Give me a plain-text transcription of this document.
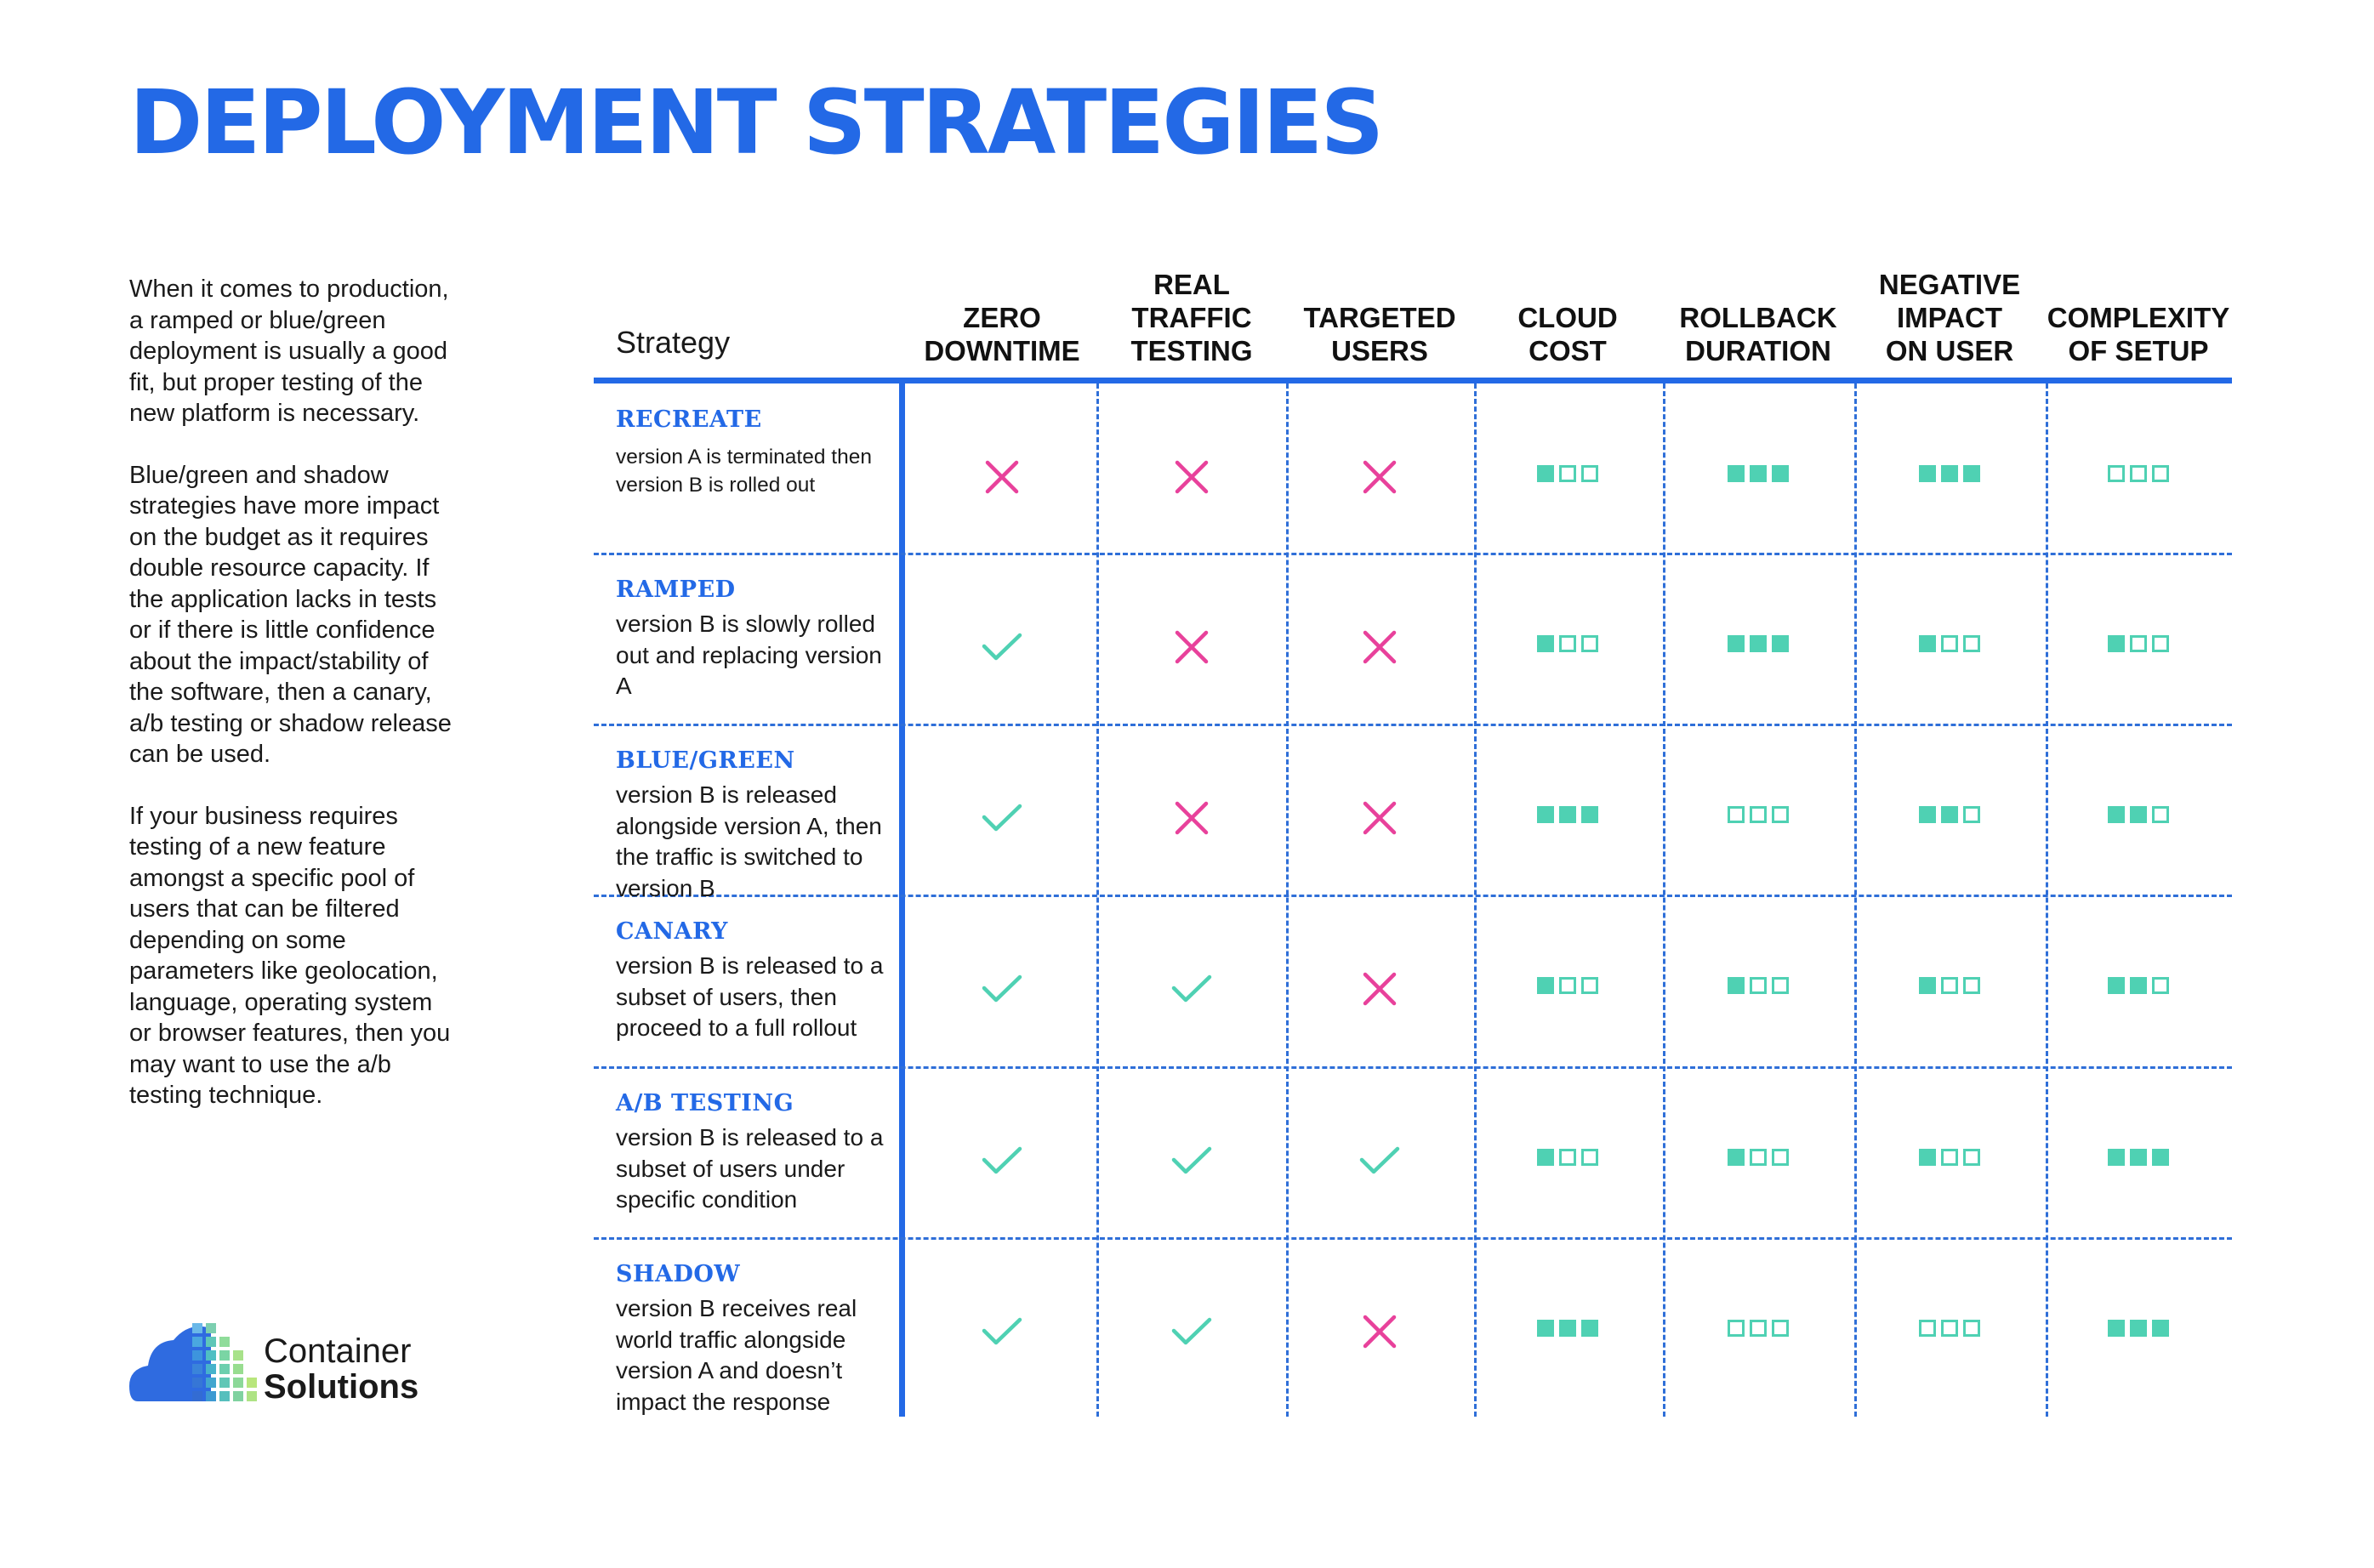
DEPLOYMENT STRATEGIES

When it comes to production, a ramped or blue/green deployment is usually a good fit, but proper testing of the new platform is necessary.

Blue/green and shadow strategies have more impact on the budget as it requires double resource capacity. If the application lacks in tests or if there is little confidence about the impact/stability of the software, then a canary, a/b testing or shadow release can be used.

If your business requires testing of a new feature amongst a specific pool of users that can be filtered depending on some parameters like geolocation, language, operating system or browser features, then you may want to use the a/b testing technique.

Container
Solutions
Strategy
ZERO
DOWNTIME
REAL
TRAFFIC
TESTING
TARGETED
USERS
CLOUD
COST
ROLLBACK
DURATION
NEGATIVE
IMPACT
ON USER
COMPLEXITY
OF SETUP
RECREATE
version A is terminated then version B is rolled out
RAMPED
version B is slowly rolled out and replacing version A
BLUE/GREEN
version B is released alongside version A, then the traffic is switched to version B
CANARY
version B is released to a subset of users, then proceed to a full rollout
A/B TESTING
version B is released to a subset of users under specific condition
SHADOW
version B receives real world traffic alongside version A and doesn’t impact the response
